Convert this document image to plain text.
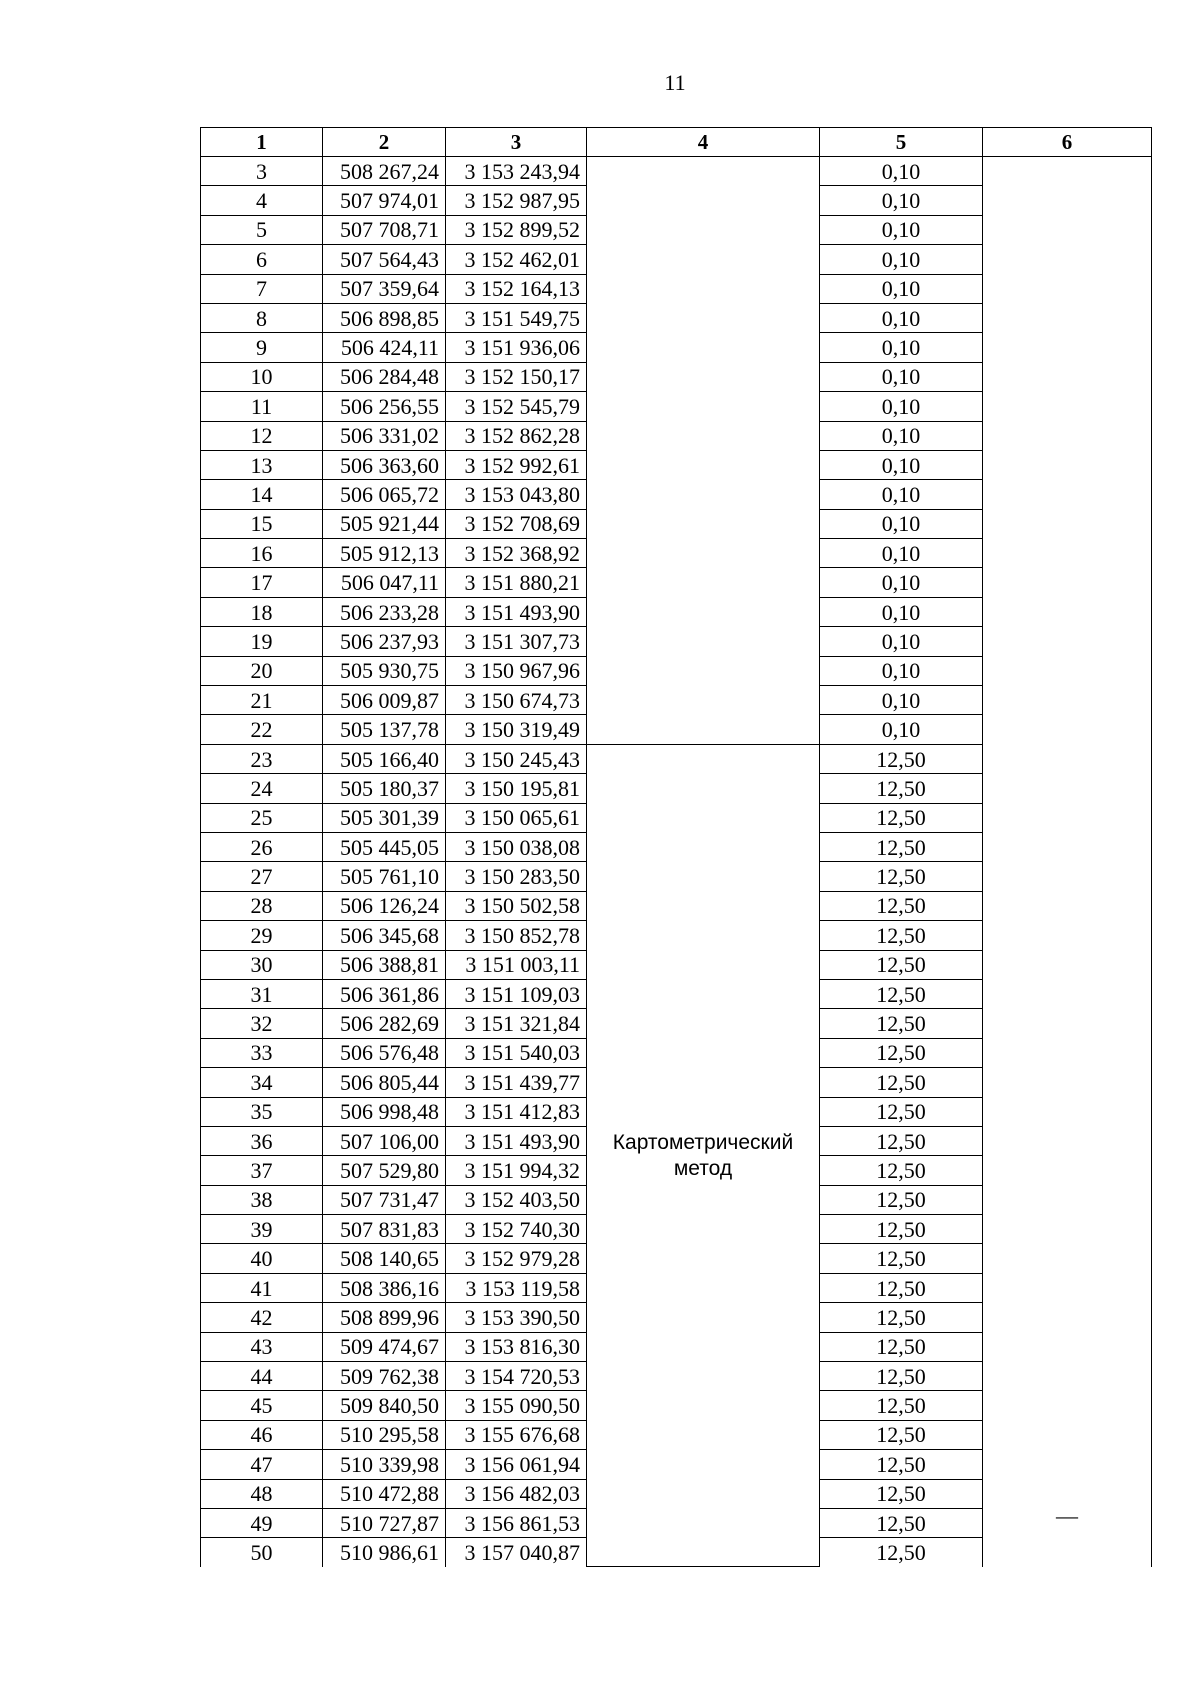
11
1	2	3	4	5	6
3	508 267,24	3 153 243,94		0,10	—
4	507 974,01	3 152 987,95		0,10	
5	507 708,71	3 152 899,52		0,10	
6	507 564,43	3 152 462,01		0,10	
7	507 359,64	3 152 164,13		0,10	
8	506 898,85	3 151 549,75		0,10	
9	506 424,11	3 151 936,06		0,10	
10	506 284,48	3 152 150,17		0,10	
11	506 256,55	3 152 545,79		0,10	
12	506 331,02	3 152 862,28		0,10	
13	506 363,60	3 152 992,61		0,10	
14	506 065,72	3 153 043,80		0,10	
15	505 921,44	3 152 708,69		0,10	
16	505 912,13	3 152 368,92		0,10	
17	506 047,11	3 151 880,21		0,10	
18	506 233,28	3 151 493,90		0,10	
19	506 237,93	3 151 307,73		0,10	
20	505 930,75	3 150 967,96		0,10	
21	506 009,87	3 150 674,73		0,10	
22	505 137,78	3 150 319,49		0,10	
23	505 166,40	3 150 245,43	Картометрический метод	12,50	
24	505 180,37	3 150 195,81		12,50	
25	505 301,39	3 150 065,61		12,50	
26	505 445,05	3 150 038,08		12,50	
27	505 761,10	3 150 283,50		12,50	
28	506 126,24	3 150 502,58		12,50	
29	506 345,68	3 150 852,78		12,50	
30	506 388,81	3 151 003,11		12,50	
31	506 361,86	3 151 109,03		12,50	
32	506 282,69	3 151 321,84		12,50	
33	506 576,48	3 151 540,03		12,50	
34	506 805,44	3 151 439,77		12,50	
35	506 998,48	3 151 412,83		12,50	
36	507 106,00	3 151 493,90		12,50	
37	507 529,80	3 151 994,32		12,50	
38	507 731,47	3 152 403,50		12,50	
39	507 831,83	3 152 740,30		12,50	
40	508 140,65	3 152 979,28		12,50	
41	508 386,16	3 153 119,58		12,50	
42	508 899,96	3 153 390,50		12,50	
43	509 474,67	3 153 816,30		12,50	
44	509 762,38	3 154 720,53		12,50	
45	509 840,50	3 155 090,50		12,50	
46	510 295,58	3 155 676,68		12,50	
47	510 339,98	3 156 061,94		12,50	
48	510 472,88	3 156 482,03		12,50	
49	510 727,87	3 156 861,53		12,50	
50	510 986,61	3 157 040,87		12,50	
